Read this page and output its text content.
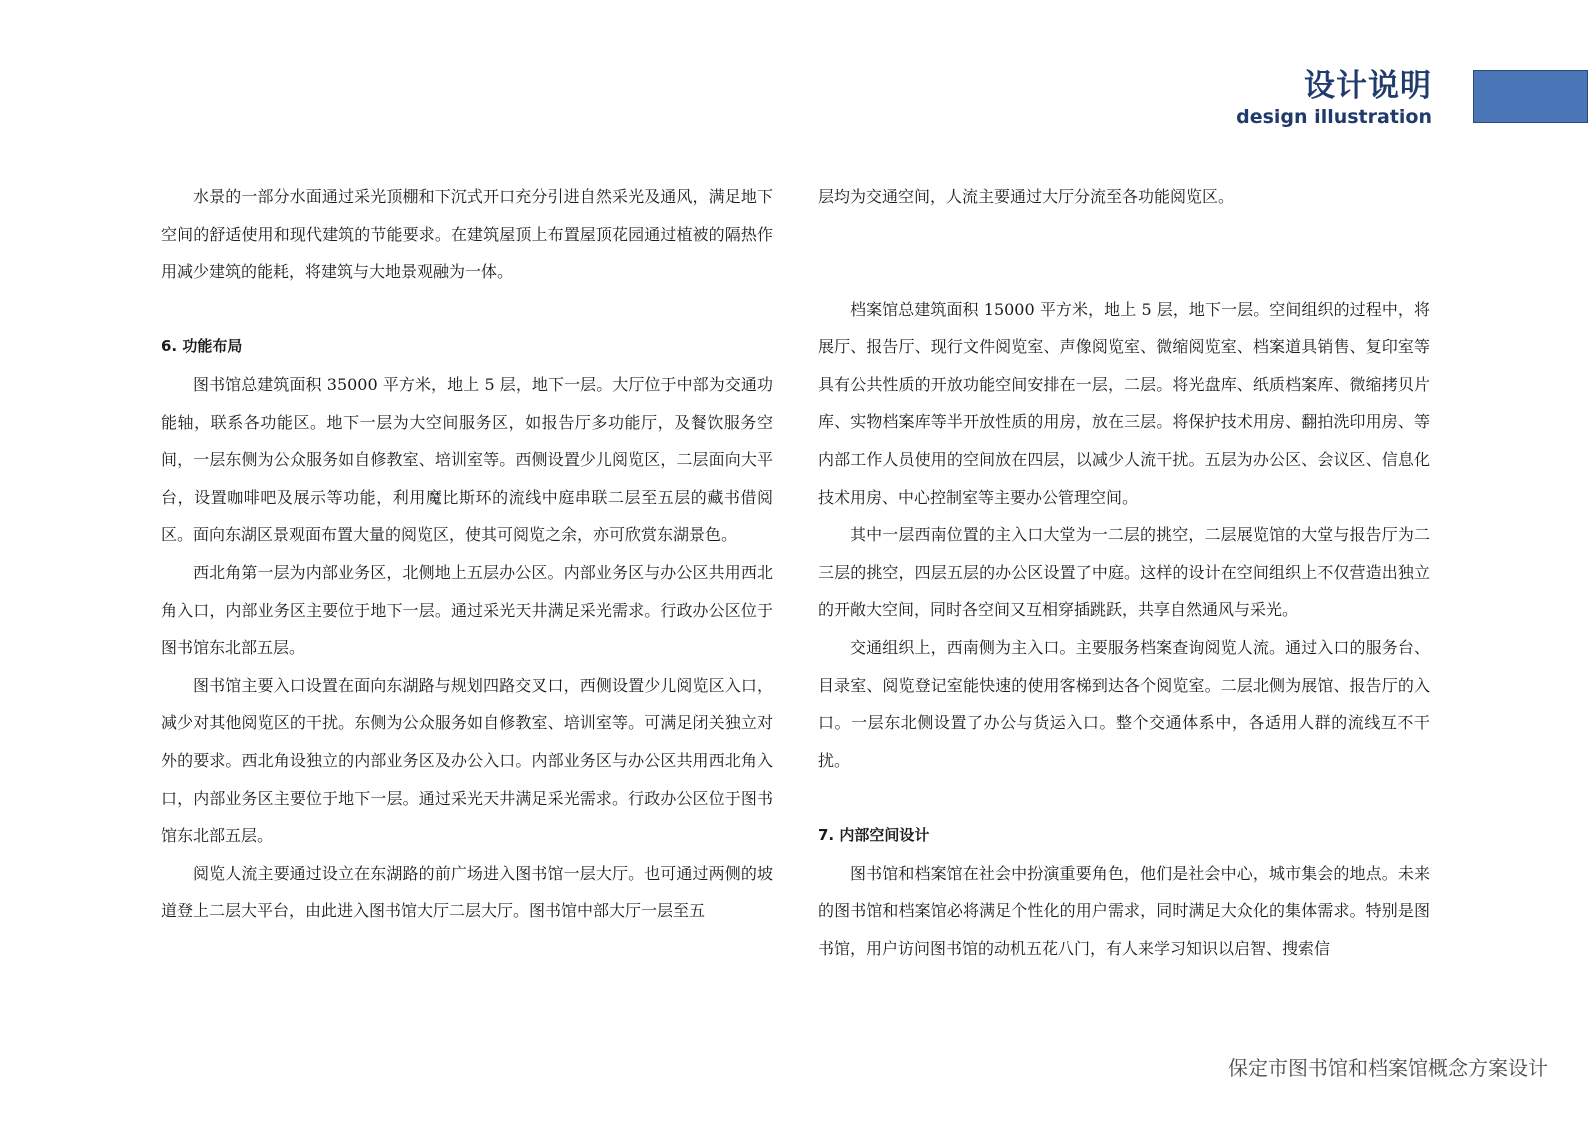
设计说明
design illustration

水景的一部分水面通过采光顶棚和下沉式开口充分引进自然采光及通风，满足地下空间的舒适使用和现代建筑的节能要求。在建筑屋顶上布置屋顶花园通过植被的隔热作用减少建筑的能耗，将建筑与大地景观融为一体。

6. 功能布局

图书馆总建筑面积 35000 平方米，地上 5 层，地下一层。大厅位于中部为交通功能轴，联系各功能区。地下一层为大空间服务区，如报告厅多功能厅，及餐饮服务空间，一层东侧为公众服务如自修教室、培训室等。西侧设置少儿阅览区，二层面向大平台，设置咖啡吧及展示等功能，利用魔比斯环的流线中庭串联二层至五层的藏书借阅区。面向东湖区景观面布置大量的阅览区，使其可阅览之余，亦可欣赏东湖景色。

西北角第一层为内部业务区，北侧地上五层办公区。内部业务区与办公区共用西北角入口，内部业务区主要位于地下一层。通过采光天井满足采光需求。行政办公区位于图书馆东北部五层。

图书馆主要入口设置在面向东湖路与规划四路交叉口，西侧设置少儿阅览区入口，减少对其他阅览区的干扰。东侧为公众服务如自修教室、培训室等。可满足闭关独立对外的要求。西北角设独立的内部业务区及办公入口。内部业务区与办公区共用西北角入口，内部业务区主要位于地下一层。通过采光天井满足采光需求。行政办公区位于图书馆东北部五层。

阅览人流主要通过设立在东湖路的前广场进入图书馆一层大厅。也可通过两侧的坡道登上二层大平台，由此进入图书馆大厅二层大厅。图书馆中部大厅一层至五

层均为交通空间，人流主要通过大厅分流至各功能阅览区。

档案馆总建筑面积 15000 平方米，地上 5 层，地下一层。空间组织的过程中，将展厅、报告厅、现行文件阅览室、声像阅览室、微缩阅览室、档案道具销售、复印室等具有公共性质的开放功能空间安排在一层，二层。将光盘库、纸质档案库、微缩拷贝片库、实物档案库等半开放性质的用房，放在三层。将保护技术用房、翻拍洗印用房、等内部工作人员使用的空间放在四层，以减少人流干扰。五层为办公区、会议区、信息化技术用房、中心控制室等主要办公管理空间。

其中一层西南位置的主入口大堂为一二层的挑空，二层展览馆的大堂与报告厅为二三层的挑空，四层五层的办公区设置了中庭。这样的设计在空间组织上不仅营造出独立的开敞大空间，同时各空间又互相穿插跳跃，共享自然通风与采光。

交通组织上，西南侧为主入口。主要服务档案查询阅览人流。通过入口的服务台、目录室、阅览登记室能快速的使用客梯到达各个阅览室。二层北侧为展馆、报告厅的入口。一层东北侧设置了办公与货运入口。整个交通体系中，各适用人群的流线互不干扰。

7. 内部空间设计

图书馆和档案馆在社会中扮演重要角色，他们是社会中心，城市集会的地点。未来的图书馆和档案馆必将满足个性化的用户需求，同时满足大众化的集体需求。特别是图书馆，用户访问图书馆的动机五花八门，有人来学习知识以启智、搜索信

保定市图书馆和档案馆概念方案设计
